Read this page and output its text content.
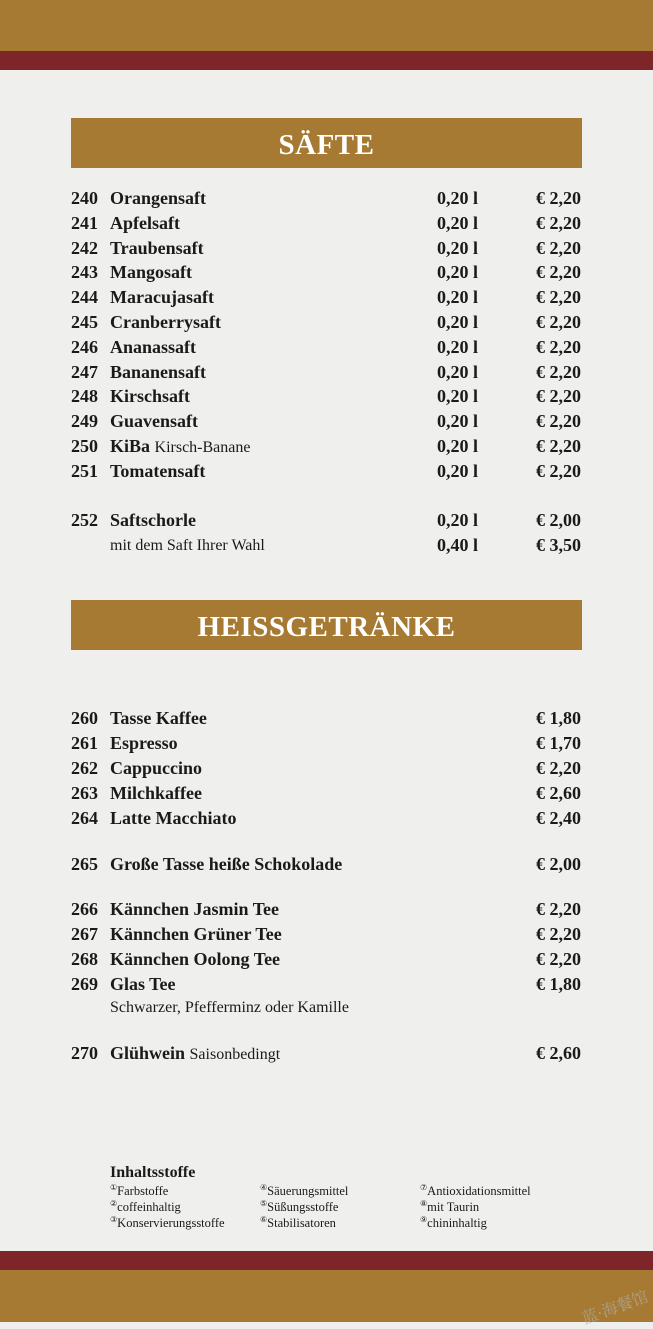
SÄFTE
240 Orangensaft	0,20 l	€ 2,20
241 Apfelsaft	0,20 l	€ 2,20
242 Traubensaft	0,20 l	€ 2,20
243 Mangosaft	0,20 l	€ 2,20
244 Maracujasaft	0,20 l	€ 2,20
245 Cranberrysaft	0,20 l	€ 2,20
246 Ananassaft	0,20 l	€ 2,20
247 Bananensaft	0,20 l	€ 2,20
248 Kirschsaft	0,20 l	€ 2,20
249 Guavensaft	0,20 l	€ 2,20
250 KiBa Kirsch-Banane	0,20 l	€ 2,20
251 Tomatensaft	0,20 l	€ 2,20
252 Saftschorle	0,20 l	€ 2,00
mit dem Saft Ihrer Wahl	0,40 l	€ 3,50
HEISSGETRÄNKE
260 Tasse Kaffee	€ 1,80
261 Espresso	€ 1,70
262 Cappuccino	€ 2,20
263 Milchkaffee	€ 2,60
264 Latte Macchiato	€ 2,40
265 Große Tasse heiße Schokolade	€ 2,00
266 Kännchen Jasmin Tee	€ 2,20
267 Kännchen Grüner Tee	€ 2,20
268 Kännchen Oolong Tee	€ 2,20
269 Glas Tee	€ 1,80
270 Glühwein Saisonbedingt	€ 2,60
Schwarzer, Pfefferminz oder Kamille
Inhaltsstoffe
①Farbstoffe
②coffeinhaltig
③Konservierungsstoffe
④Säuerungsmittel
⑤Süßungsstoffe
⑥Stabilisatoren
⑦Antioxidationsmittel
⑧mit Taurin
⑨chininhaltig
蓝·海餐馆
